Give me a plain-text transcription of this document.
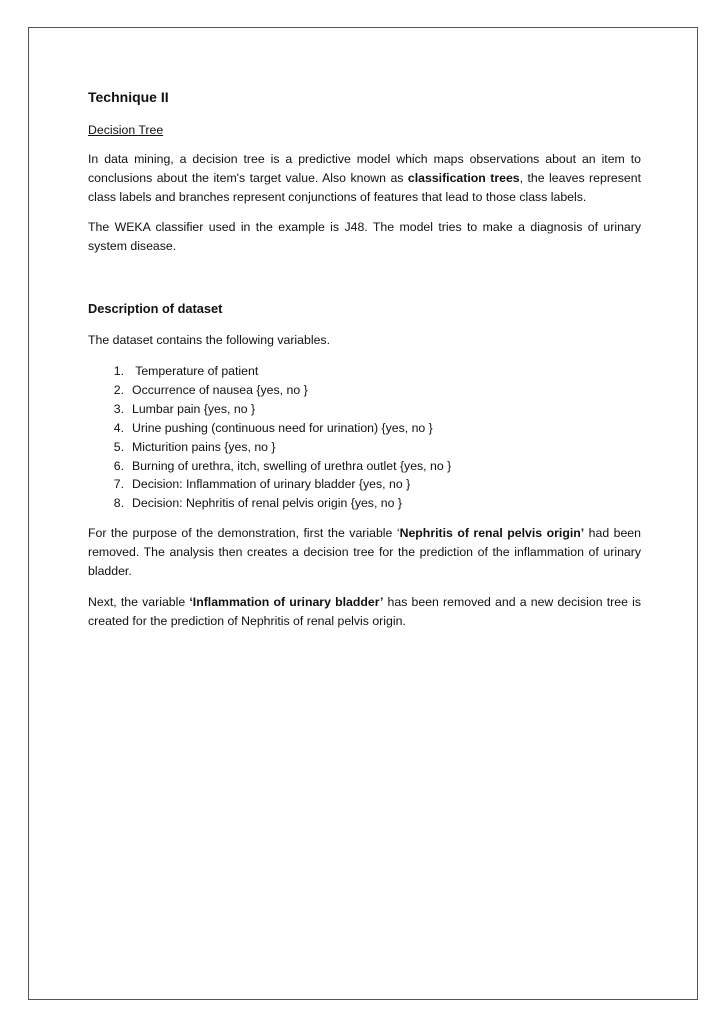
Technique II
Decision Tree

In data mining, a decision tree is a predictive model which maps observations about an item to conclusions about the item's target value. Also known as classification trees, the leaves represent class labels and branches represent conjunctions of features that lead to those class labels.

The WEKA classifier used in the example is J48. The model tries to make a diagnosis of urinary system disease.

Description of dataset

The dataset contains the following variables.

1. Temperature of patient
2. Occurrence of nausea {yes, no }
3. Lumbar pain {yes, no }
4. Urine pushing (continuous need for urination) {yes, no }
5. Micturition pains {yes, no }
6. Burning of urethra, itch, swelling of urethra outlet {yes, no }
7. Decision: Inflammation of urinary bladder {yes, no }
8. Decision: Nephritis of renal pelvis origin {yes, no }

For the purpose of the demonstration, first the variable ‘Nephritis of renal pelvis origin’ had been removed. The analysis then creates a decision tree for the prediction of the inflammation of urinary bladder.

Next, the variable ‘Inflammation of urinary bladder’ has been removed and a new decision tree is created for the prediction of Nephritis of renal pelvis origin.
